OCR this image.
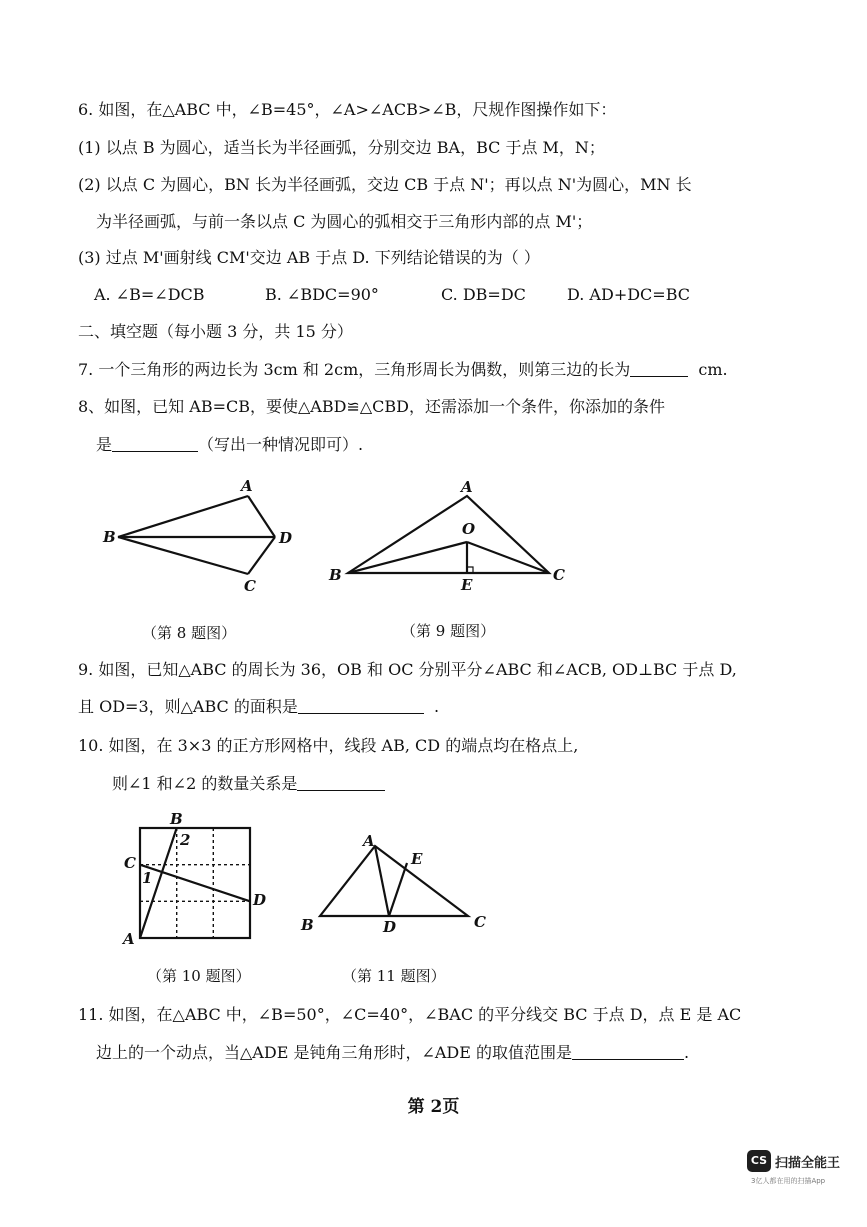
6. 如图，在△ABC 中，∠B=45°，∠A>∠ACB>∠B，尺规作图操作如下：
(1) 以点 B 为圆心，适当长为半径画弧，分别交边 BA，BC 于点 M，N；
(2) 以点 C 为圆心，BN 长为半径画弧，交边 CB 于点 N'；再以点 N'为圆心，MN 长
为半径画弧，与前一条以点 C 为圆心的弧相交于三角形内部的点 M'；
(3) 过点 M'画射线 CM'交边 AB 于点 D. 下列结论错误的为（ ）
A. ∠B=∠DCB	B. ∠BDC=90°	C. DB=DC	D. AD+DC=BC
二、填空题（每小题 3 分，共 15 分）
7. 一个三角形的两边长为 3cm 和 2cm，三角形周长为偶数，则第三边的长为	cm.
8、如图，已知 AB=CB，要使△ABD≌△CBD，还需添加一个条件，你添加的条件
是	（写出一种情况即可）.
A
B
C
D
（第 8 题图）
A
B	C
O
E
（第 9 题图）
9. 如图，已知△ABC 的周长为 36，OB 和 OC 分别平分∠ABC 和∠ACB, OD⊥BC 于点 D,
且 OD=3，则△ABC 的面积是	.
10. 如图，在 3×3 的正方形网格中，线段 AB, CD 的端点均在格点上,
则∠1 和∠2 的数量关系是
A
B
C
D
1
2
（第 10 题图）
A
B	C
D
E
（第 11 题图）
11. 如图，在△ABC 中，∠B=50°，∠C=40°，∠BAC 的平分线交 BC 于点 D，点 E 是 AC
边上的一个动点，当△ADE 是钝角三角形时，∠ADE 的取值范围是	.
第 2页
CS 扫描全能王
3亿人都在用的扫描App
